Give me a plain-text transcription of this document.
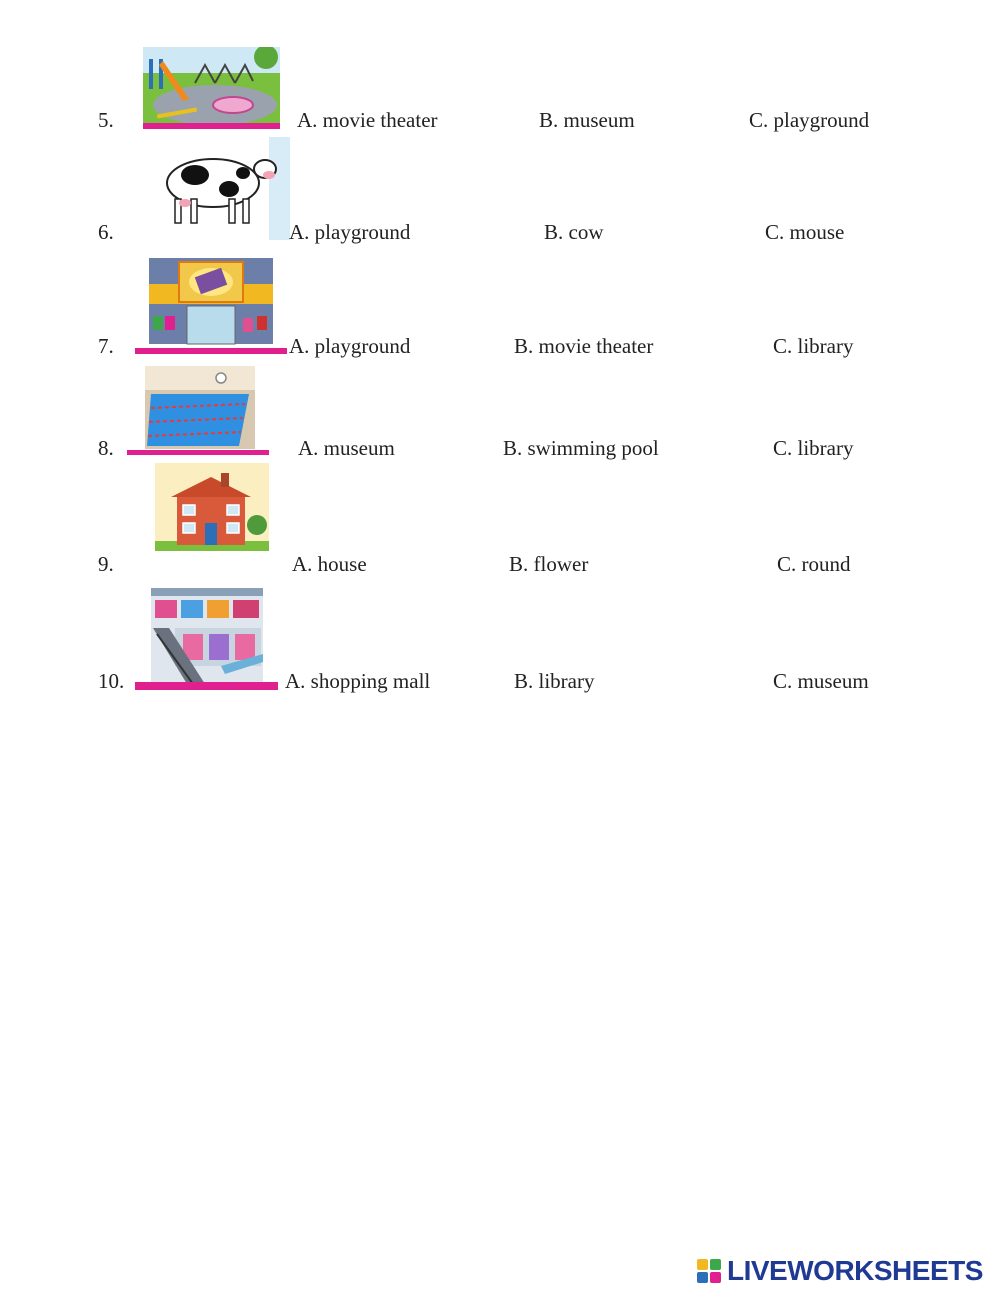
5.	A. movie theater	B. museum	C. playground
6.	A. playground	B. cow	C. mouse
7.	A. playground	B. movie theater	C. library
8.	A. museum	B. swimming pool	C. library
9.	A. house	B. flower	C. round
10.	A. shopping mall	B. library	C. museum
LIVEWORKSHEETS
